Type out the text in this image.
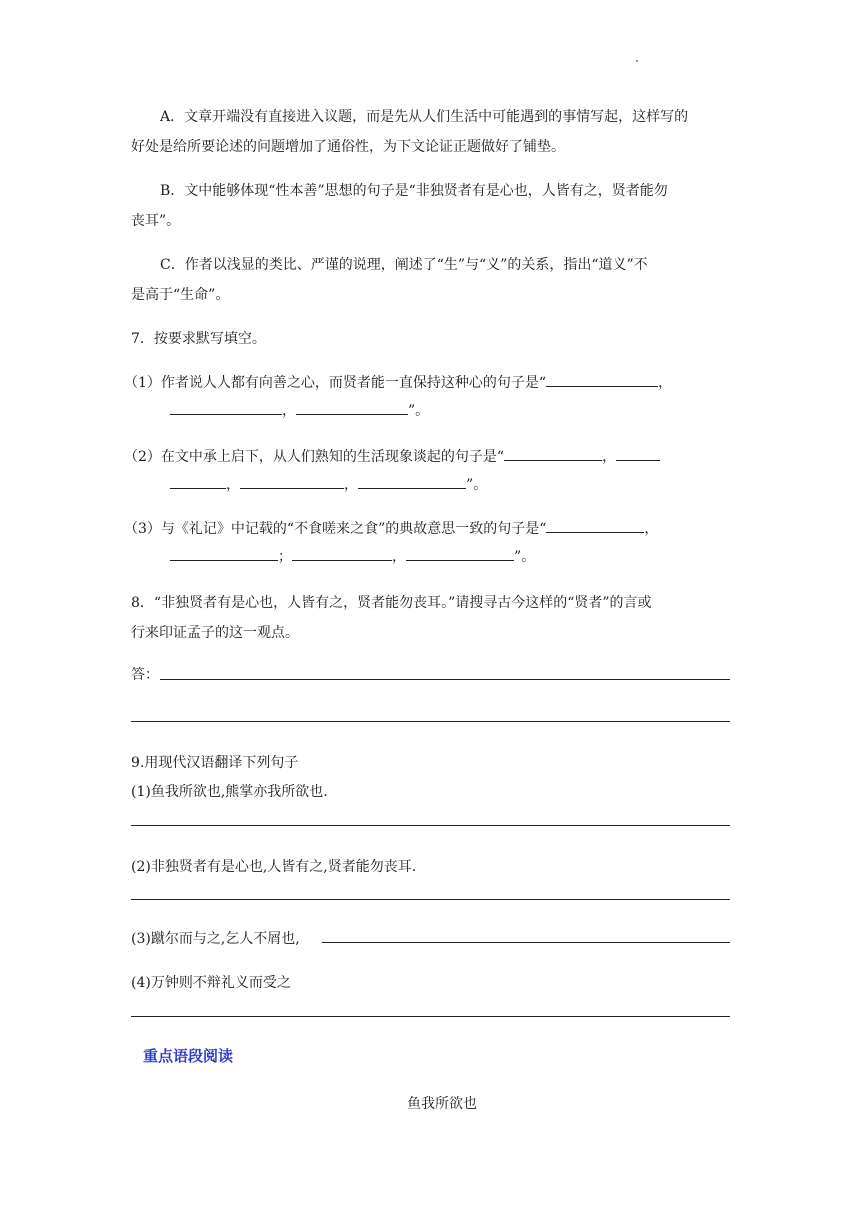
A．文章开端没有直接进入议题，而是先从人们生活中可能遇到的事情写起，这样写的
好处是给所要论述的问题增加了通俗性，为下文论证正题做好了铺垫。
B．文中能够体现“性本善”思想的句子是“非独贤者有是心也，人皆有之，贤者能勿
丧耳”。
C．作者以浅显的类比、严谨的说理，阐述了“生”与“义”的关系，指出“道义”不
是高于“生命”。
7．按要求默写填空。
（1）作者说人人都有向善之心，而贤者能一直保持这种心的句子是“	，
，	”。
（2）在文中承上启下，从人们熟知的生活现象谈起的句子是“	，
，	，	”。
（3）与《礼记》中记载的“不食嗟来之食”的典故意思一致的句子是“	，
；	，	”。
8．“非独贤者有是心也，人皆有之，贤者能勿丧耳。”请搜寻古今这样的“贤者”的言或
行来印证孟子的这一观点。
答：
9.用现代汉语翻译下列句子
(1)鱼我所欲也,熊掌亦我所欲也.
(2)非独贤者有是心也,人皆有之,贤者能勿丧耳.
(3)蹴尔而与之,乞人不屑也,
(4)万钟则不辩礼义而受之
重点语段阅读
鱼我所欲也
